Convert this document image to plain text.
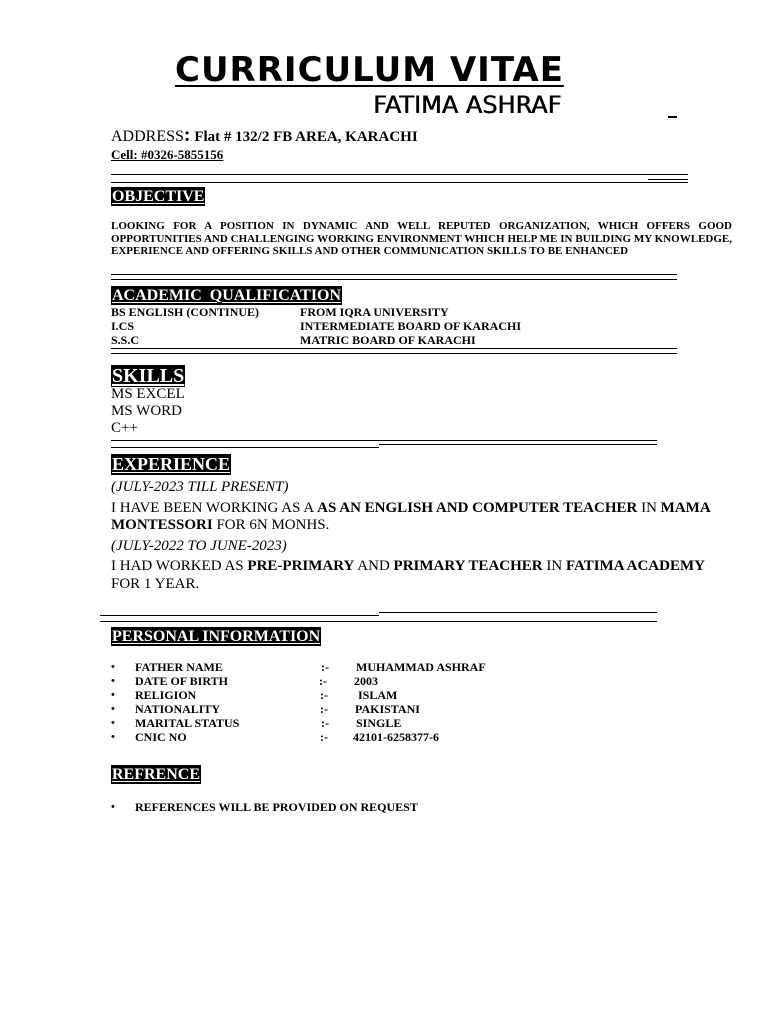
CURRICULUM VITAE
FATIMA ASHRAF
ADDRESS: Flat # 132/2 FB AREA, KARACHI
Cell: #0326-5855156
OBJECTIVE
LOOKING FOR A POSITION IN DYNAMIC AND WELL REPUTED ORGANIZATION, WHICH OFFERS GOOD OPPORTUNITIES AND CHALLENGING WORKING ENVIRONMENT WHICH HELP ME IN BUILDING MY KNOWLEDGE, EXPERIENCE AND OFFERING SKILLS AND OTHER COMMUNICATION SKILLS TO BE ENHANCED
ACADEMIC  QUALIFICATION
BS ENGLISH (CONTINUE)	FROM IQRA UNIVERSITY
I.CS	INTERMEDIATE BOARD OF KARACHI
S.S.C	MATRIC BOARD OF KARACHI
SKILLS
MS EXCEL
MS WORD
C++
EXPERIENCE
(JULY-2023 TILL PRESENT)
I HAVE BEEN WORKING AS A AS AN ENGLISH AND COMPUTER TEACHER IN MAMA MONTESSORI FOR 6N MONHS.
(JULY-2022 TO JUNE-2023)
I HAD WORKED AS PRE-PRIMARY AND PRIMARY TEACHER IN FATIMA ACADEMY FOR 1 YEAR.
PERSONAL INFORMATION
• FATHER NAME	:- MUHAMMAD ASHRAF
• DATE OF BIRTH	:- 2003
• RELIGION	:-	ISLAM
• NATIONALITY	:- PAKISTANI
• MARITAL STATUS	:- SINGLE
• CNIC NO	:- 42101-6258377-6
REFRENCE
• REFERENCES WILL BE PROVIDED ON REQUEST
